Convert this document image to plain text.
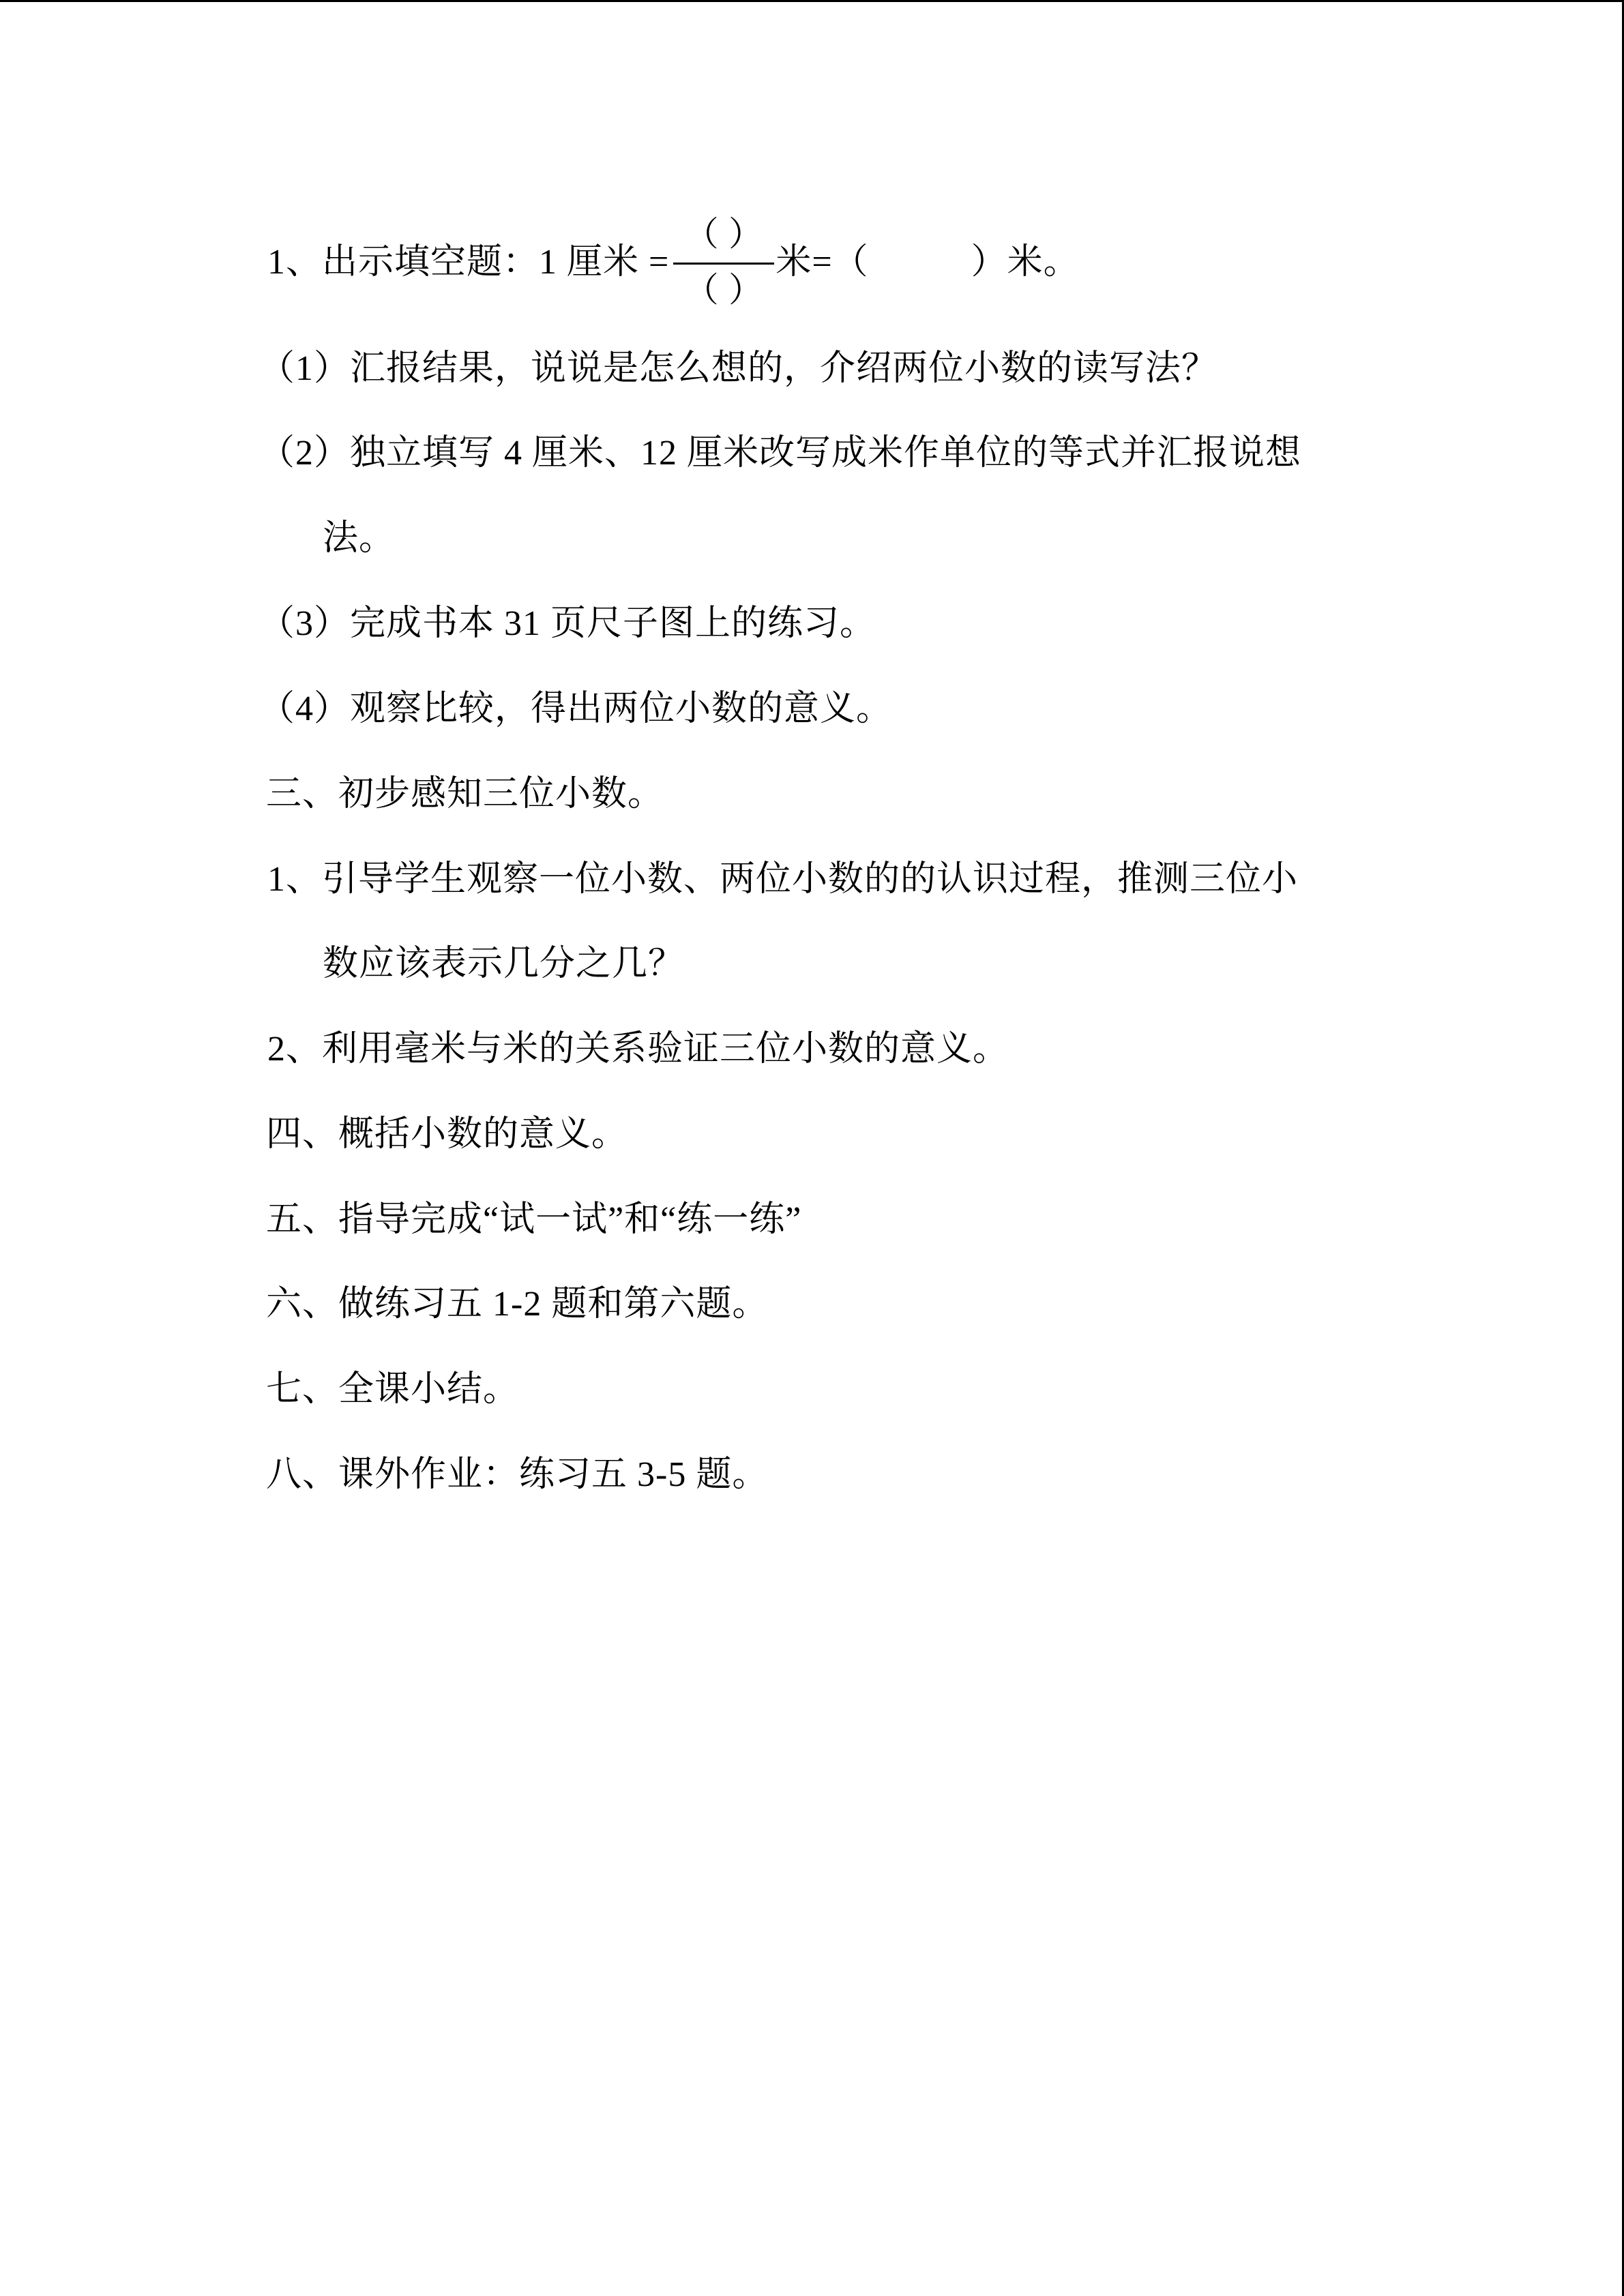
1、出示填空题：1 厘米 = $\frac{( )}{( )}$ 米=（	）米。
（1）汇报结果，说说是怎么想的，介绍两位小数的读写法？
（2）独立填写 4 厘米、12 厘米改写成米作单位的等式并汇报说想
法。
（3）完成书本 31 页尺子图上的练习。
（4）观察比较，得出两位小数的意义。
三、初步感知三位小数。
1、引导学生观察一位小数、两位小数的的认识过程，推测三位小
数应该表示几分之几？
2、利用毫米与米的关系验证三位小数的意义。
四、概括小数的意义。
五、指导完成“试一试”和“练一练”
六、做练习五 1-2 题和第六题。
七、全课小结。
八、课外作业：练习五 3-5 题。
